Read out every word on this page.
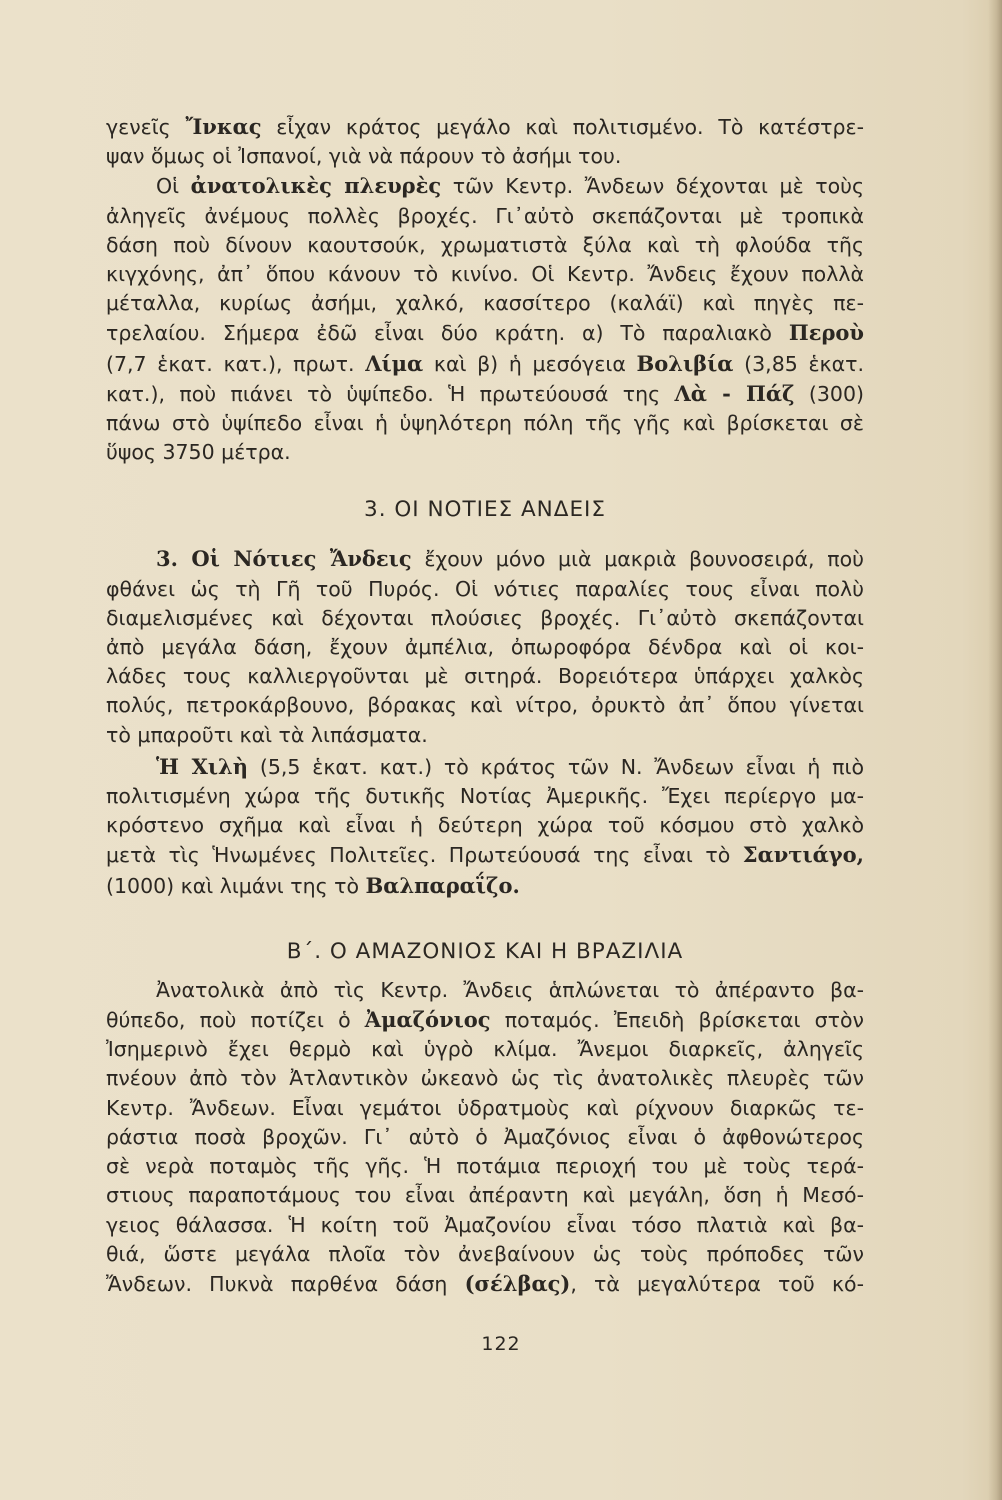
γενεῖς Ἴνκας εἶχαν κράτος μεγάλο καὶ πολιτισμένο. Τὸ κατέστρε-
ψαν ὅμως οἱ Ἰσπανοί, γιὰ νὰ πάρουν τὸ ἀσήμι του.
Οἱ ἀνατολικὲς πλευρὲς τῶν Κεντρ. Ἄνδεων δέχονται μὲ τοὺς
ἀληγεῖς ἀνέμους πολλὲς βροχές. Γι᾿αὐτὸ σκεπάζονται μὲ τροπικὰ
δάση ποὺ δίνουν καουτσούκ, χρωματιστὰ ξύλα καὶ τὴ φλούδα τῆς
κιγχόνης, ἀπ᾿ ὅπου κάνουν τὸ κινίνο. Οἱ Κεντρ. Ἄνδεις ἔχουν πολλὰ
μέταλλα, κυρίως ἀσήμι, χαλκό, κασσίτερο (καλάϊ) καὶ πηγὲς πε-
τρελαίου. Σήμερα ἐδῶ εἶναι δύο κράτη. α) Τὸ παραλιακὸ Περοὺ
(7,7 ἑκατ. κατ.), πρωτ. Λίμα καὶ β) ἡ μεσόγεια Βολιβία (3,85 ἑκατ.
κατ.), ποὺ πιάνει τὸ ὑψίπεδο. Ἡ πρωτεύουσά της Λὰ - Πάζ (300)
πάνω στὸ ὑψίπεδο εἶναι ἡ ὑψηλότερη πόλη τῆς γῆς καὶ βρίσκεται σὲ
ὕψος 3750 μέτρα.
3. ΟΙ ΝΟΤΙΕΣ ΑΝΔΕΙΣ
3. Οἱ Νότιες Ἄνδεις ἔχουν μόνο μιὰ μακριὰ βουνοσειρά, ποὺ
φθάνει ὡς τὴ Γῆ τοῦ Πυρός. Οἱ νότιες παραλίες τους εἶναι πολὺ
διαμελισμένες καὶ δέχονται πλούσιες βροχές. Γι᾿αὐτὸ σκεπάζονται
ἀπὸ μεγάλα δάση, ἔχουν ἀμπέλια, ὀπωροφόρα δένδρα καὶ οἱ κοι-
λάδες τους καλλιεργοῦνται μὲ σιτηρά. Βορειότερα ὑπάρχει χαλκὸς
πολύς, πετροκάρβουνο, βόρακας καὶ νίτρο, ὀρυκτὸ ἀπ᾿ ὅπου γίνεται
τὸ μπαροῦτι καὶ τὰ λιπάσματα.
Ἡ Χιλὴ (5,5 ἑκατ. κατ.) τὸ κράτος τῶν Ν. Ἄνδεων εἶναι ἡ πιὸ
πολιτισμένη χώρα τῆς δυτικῆς Νοτίας Ἀμερικῆς. Ἔχει περίεργο μα-
κρόστενο σχῆμα καὶ εἶναι ἡ δεύτερη χώρα τοῦ κόσμου στὸ χαλκὸ
μετὰ τὶς Ἡνωμένες Πολιτεῖες. Πρωτεύουσά της εἶναι τὸ Σαντιάγο,
(1000) καὶ λιμάνι της τὸ Βαλπαραΐζο.
Β΄. Ο ΑΜΑΖΟΝΙΟΣ ΚΑΙ Η ΒΡΑΖΙΛΙΑ
Ἀνατολικὰ ἀπὸ τὶς Κεντρ. Ἄνδεις ἁπλώνεται τὸ ἀπέραντο βα-
θύπεδο, ποὺ ποτίζει ὁ Ἀμαζόνιος ποταμός. Ἐπειδὴ βρίσκεται στὸν
Ἰσημερινὸ ἔχει θερμὸ καὶ ὑγρὸ κλίμα. Ἄνεμοι διαρκεῖς, ἀληγεῖς
πνέουν ἀπὸ τὸν Ἀτλαντικὸν ὠκεανὸ ὡς τὶς ἀνατολικὲς πλευρὲς τῶν
Κεντρ. Ἄνδεων. Εἶναι γεμάτοι ὑδρατμοὺς καὶ ρίχνουν διαρκῶς τε-
ράστια ποσὰ βροχῶν. Γι᾿ αὐτὸ ὁ Ἀμαζόνιος εἶναι ὁ ἀφθονώτερος
σὲ νερὰ ποταμὸς τῆς γῆς. Ἡ ποτάμια περιοχή του μὲ τοὺς τερά-
στιους παραποτάμους του εἶναι ἀπέραντη καὶ μεγάλη, ὅση ἡ Μεσό-
γειος θάλασσα. Ἡ κοίτη τοῦ Ἀμαζονίου εἶναι τόσο πλατιὰ καὶ βα-
θιά, ὥστε μεγάλα πλοῖα τὸν ἀνεβαίνουν ὡς τοὺς πρόποδες τῶν
Ἄνδεων. Πυκνὰ παρθένα δάση (σέλβας), τὰ μεγαλύτερα τοῦ κό-
122
